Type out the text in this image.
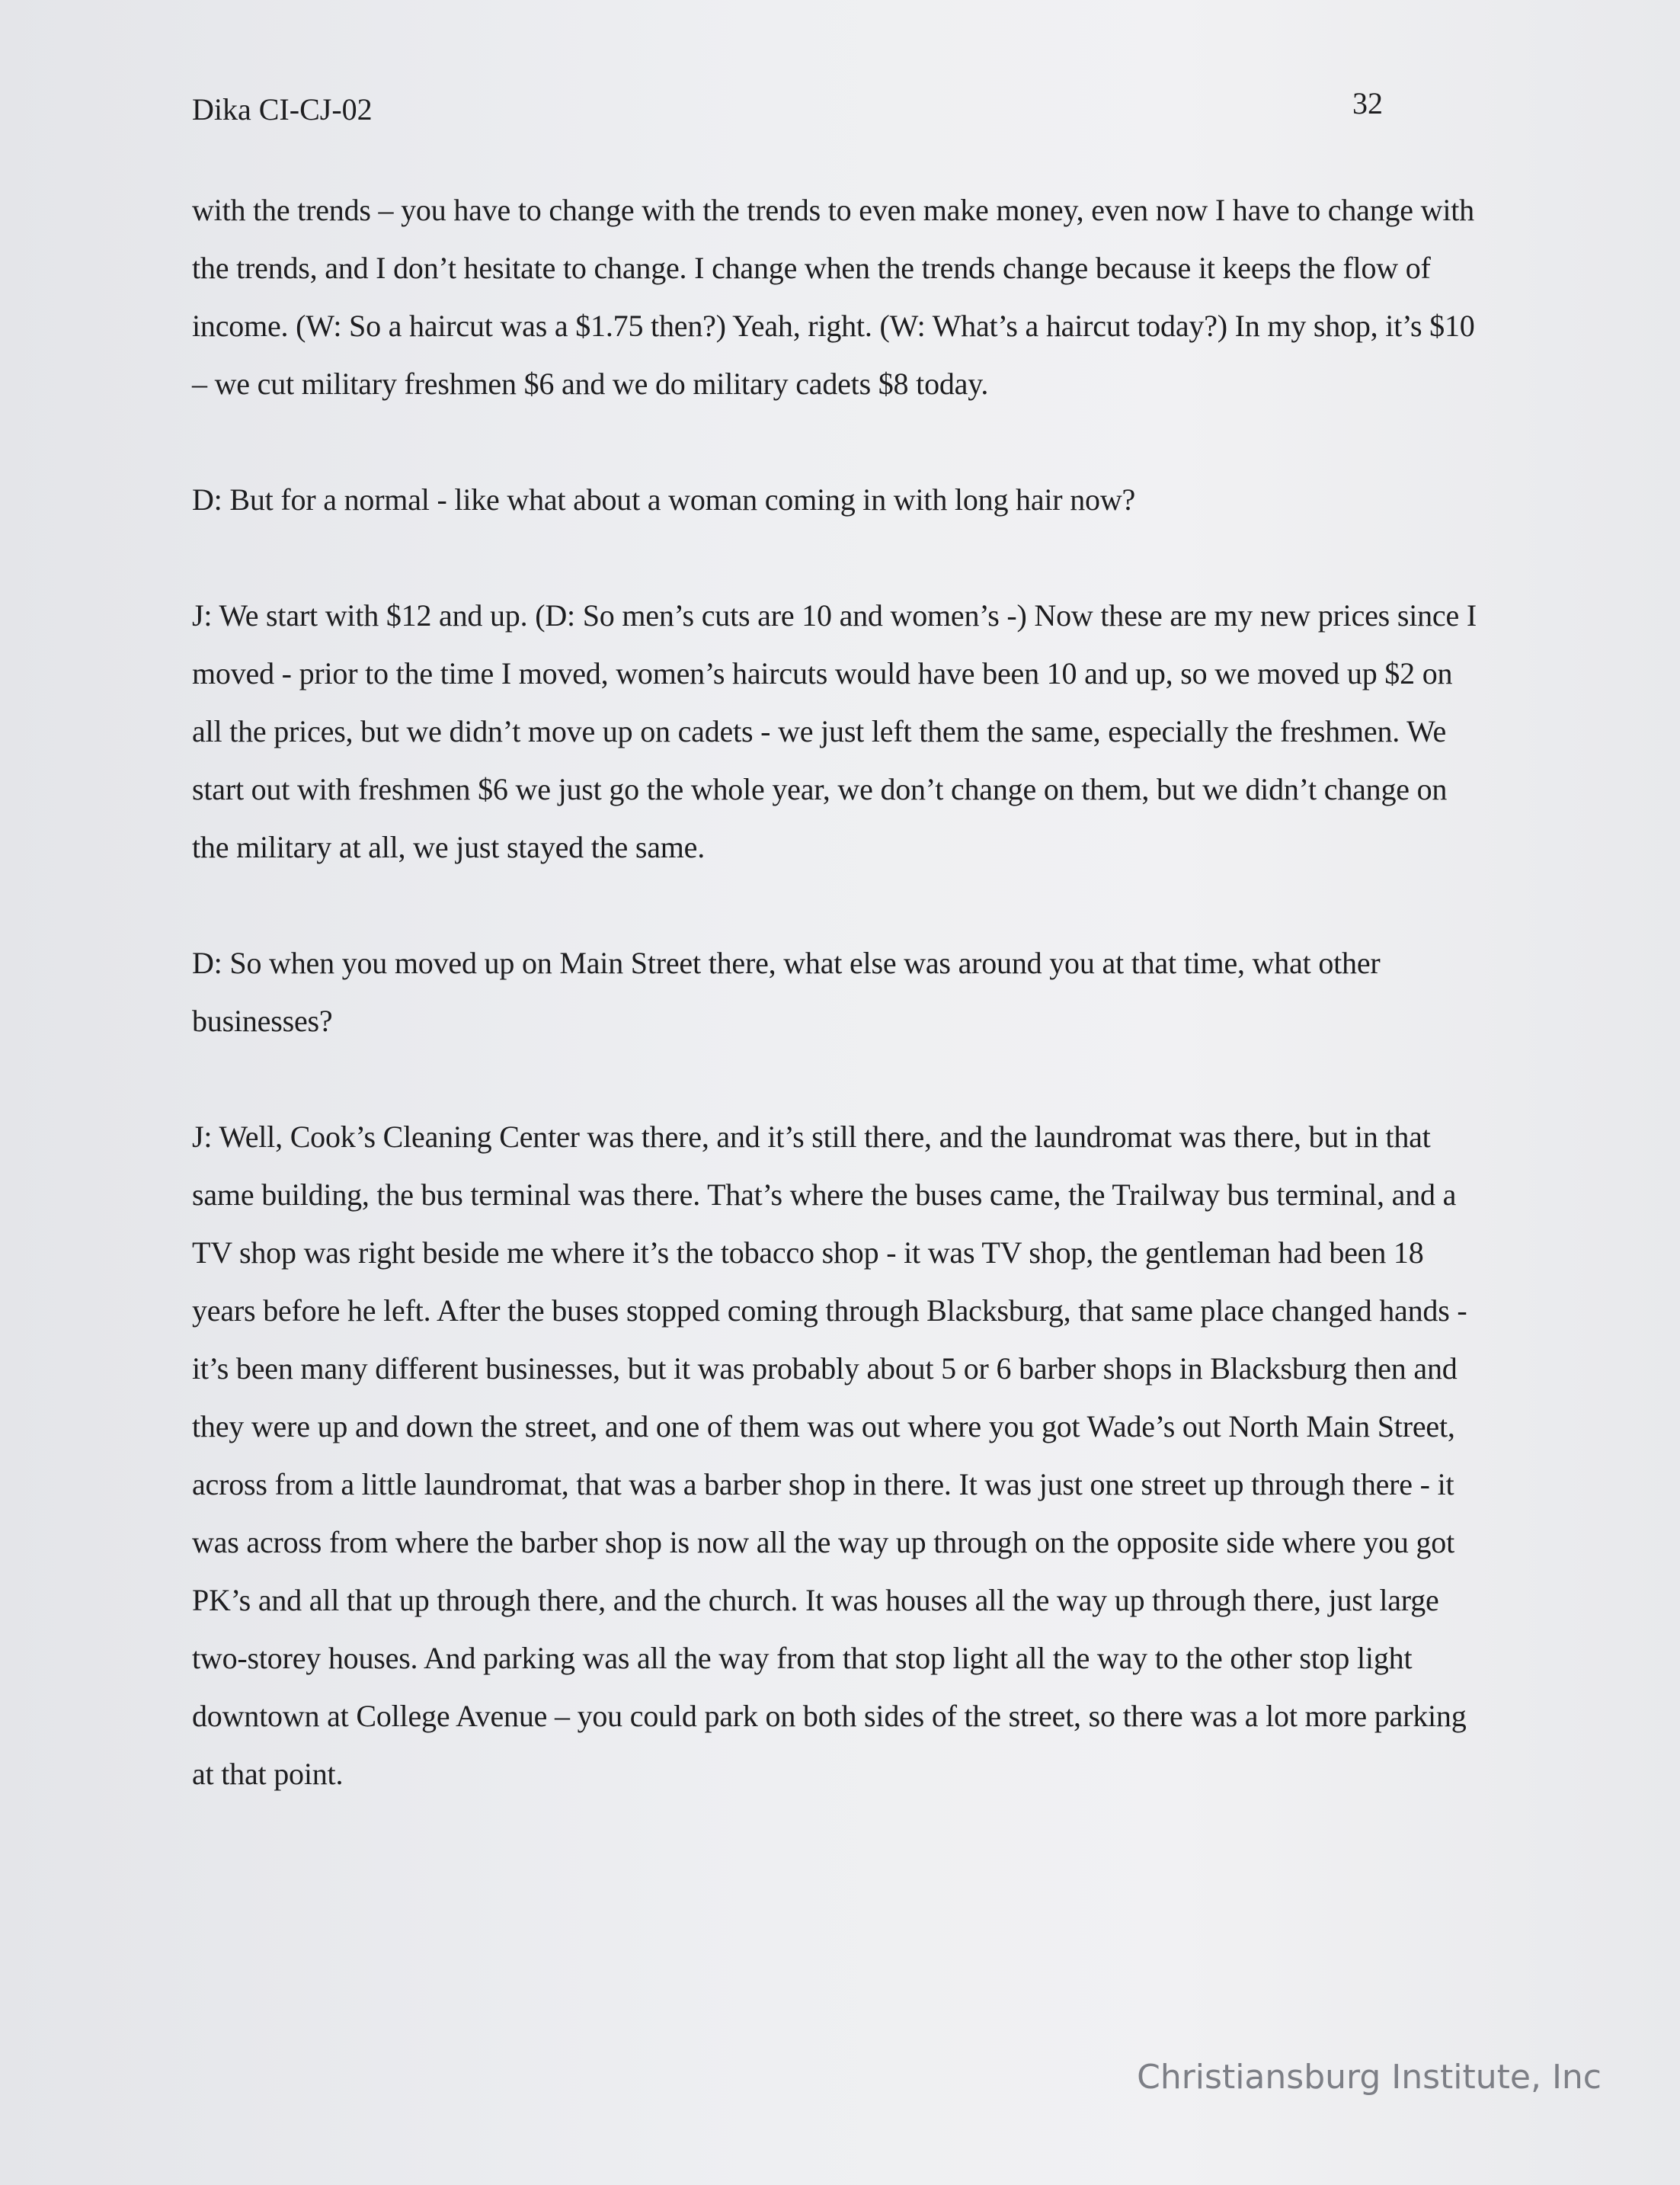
Dika CI-CJ-02	32

with the trends – you have to change with the trends to even make money, even now I have to change with the trends, and I don’t hesitate to change. I change when the trends change because it keeps the flow of income. (W: So a haircut was a $1.75 then?) Yeah, right. (W: What’s a haircut today?) In my shop, it’s $10 – we cut military freshmen $6 and we do military cadets $8 today.

D: But for a normal - like what about a woman coming in with long hair now?

J: We start with $12 and up. (D: So men’s cuts are 10 and women’s -) Now these are my new prices since I moved - prior to the time I moved, women’s haircuts would have been 10 and up, so we moved up $2 on all the prices, but we didn’t move up on cadets - we just left them the same, especially the freshmen. We start out with freshmen $6 we just go the whole year, we don’t change on them, but we didn’t change on the military at all, we just stayed the same.

D: So when you moved up on Main Street there, what else was around you at that time, what other businesses?

J: Well, Cook’s Cleaning Center was there, and it’s still there, and the laundromat was there, but in that same building, the bus terminal was there. That’s where the buses came, the Trailway bus terminal, and a TV shop was right beside me where it’s the tobacco shop - it was TV shop, the gentleman had been 18 years before he left. After the buses stopped coming through Blacksburg, that same place changed hands - it’s been many different businesses, but it was probably about 5 or 6 barber shops in Blacksburg then and they were up and down the street, and one of them was out where you got Wade’s out North Main Street, across from a little laundromat, that was a barber shop in there. It was just one street up through there - it was across from where the barber shop is now all the way up through on the opposite side where you got PK’s and all that up through there, and the church. It was houses all the way up through there, just large two-storey houses. And parking was all the way from that stop light all the way to the other stop light downtown at College Avenue – you could park on both sides of the street, so there was a lot more parking at that point.

Christiansburg Institute, Inc
